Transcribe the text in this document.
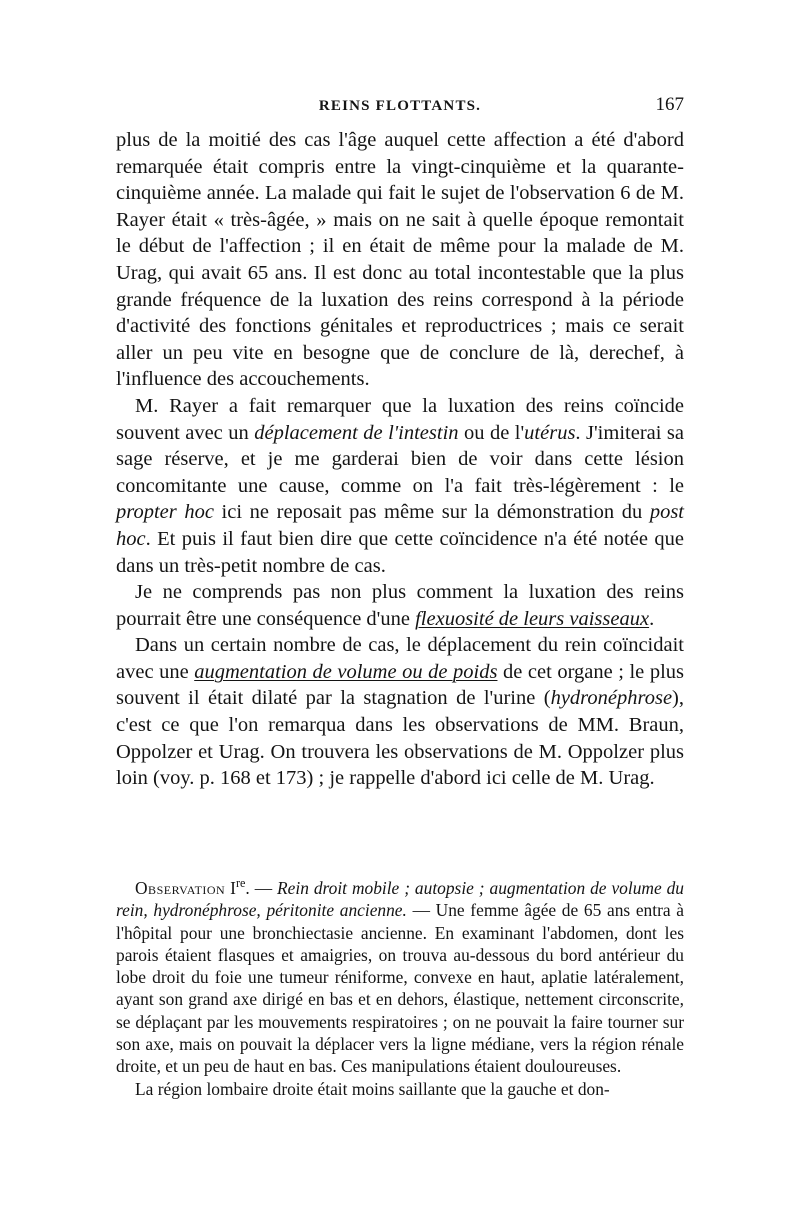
REINS FLOTTANTS.	167

plus de la moitié des cas l'âge auquel cette affection a été d'abord remarquée était compris entre la vingt-cinquième et la quarante-cinquième année. La malade qui fait le sujet de l'observation 6 de M. Rayer était « très-âgée, » mais on ne sait à quelle époque remontait le début de l'affection ; il en était de même pour la malade de M. Urag, qui avait 65 ans. Il est donc au total incontestable que la plus grande fréquence de la luxation des reins correspond à la période d'activité des fonctions génitales et reproductrices ; mais ce serait aller un peu vite en besogne que de conclure de là, derechef, à l'influence des accouchements.

M. Rayer a fait remarquer que la luxation des reins coïncide souvent avec un déplacement de l'intestin ou de l'utérus. J'imiterai sa sage réserve, et je me garderai bien de voir dans cette lésion concomitante une cause, comme on l'a fait très-légèrement : le propter hoc ici ne reposait pas même sur la démonstration du post hoc. Et puis il faut bien dire que cette coïncidence n'a été notée que dans un très-petit nombre de cas.

Je ne comprends pas non plus comment la luxation des reins pourrait être une conséquence d'une flexuosité de leurs vaisseaux.

Dans un certain nombre de cas, le déplacement du rein coïncidait avec une augmentation de volume ou de poids de cet organe ; le plus souvent il était dilaté par la stagnation de l'urine (hydronéphrose), c'est ce que l'on remarqua dans les observations de MM. Braun, Oppolzer et Urag. On trouvera les observations de M. Oppolzer plus loin (voy. p. 168 et 173) ; je rappelle d'abord ici celle de M. Urag.

Observation Ire. — Rein droit mobile ; autopsie ; augmentation de volume du rein, hydronéphrose, péritonite ancienne. — Une femme âgée de 65 ans entra à l'hôpital pour une bronchiectasie ancienne. En examinant l'abdomen, dont les parois étaient flasques et amaigries, on trouva au-dessous du bord antérieur du lobe droit du foie une tumeur réniforme, convexe en haut, aplatie latéralement, ayant son grand axe dirigé en bas et en dehors, élastique, nettement circonscrite, se déplaçant par les mouvements respiratoires ; on ne pouvait la faire tourner sur son axe, mais on pouvait la déplacer vers la ligne médiane, vers la région rénale droite, et un peu de haut en bas. Ces manipulations étaient douloureuses.

La région lombaire droite était moins saillante que la gauche et don-
